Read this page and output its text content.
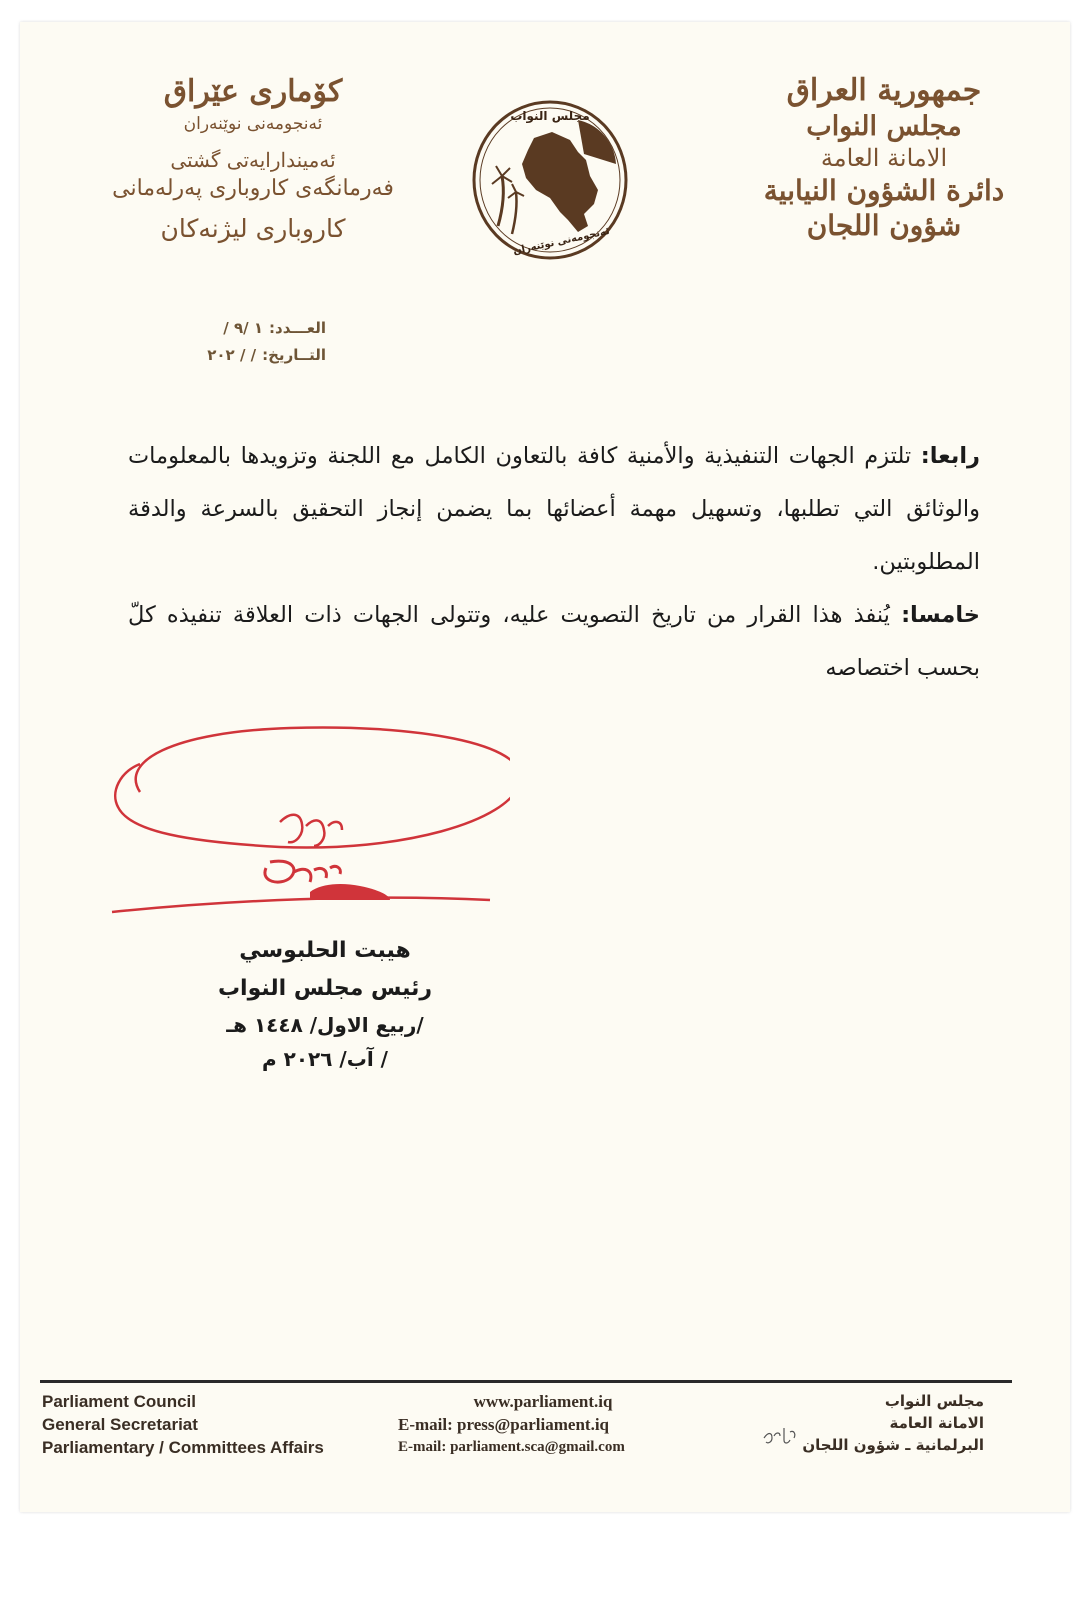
جمهورية العراق
مجلس النواب
الامانة العامة
دائرة الشؤون النيابية
شؤون اللجان
كۆماری عێراق
ئه‌نجومه‌نی نوێنه‌ران
ئه‌میندارایه‌تی گشتی
فه‌رمانگه‌ی كاروباری په‌رله‌مانی
كاروباری لیژنه‌كان
مجلس النواب
ئه‌نجومه‌نی نوێنه‌ران
العـــدد:
١ /٩ /
التــاريخ:
/ / ٢٠٢

رابعا: تلتزم الجهات التنفيذية والأمنية كافة بالتعاون الكامل مع اللجنة وتزويدها بالمعلومات والوثائق التي تطلبها، وتسهيل مهمة أعضائها بما يضمن إنجاز التحقيق بالسرعة والدقة المطلوبتين.

خامسا: يُنفذ هذا القرار من تاريخ التصويت عليه، وتتولى الجهات ذات العلاقة تنفيذه كلّ بحسب اختصاصه

هيبت الحلبوسي
رئيس مجلس النواب
/ربيع الاول/ ١٤٤٨ هـ
/ آب/ ٢٠٢٦ م
Parliament Council
General Secretariat
Parliamentary / Committees Affairs
www.parliament.iq
E-mail: press@parliament.iq
E-mail: parliament.sca@gmail.com
مجلس النواب
الامانة العامة
البرلمانية ـ شؤون اللجان
